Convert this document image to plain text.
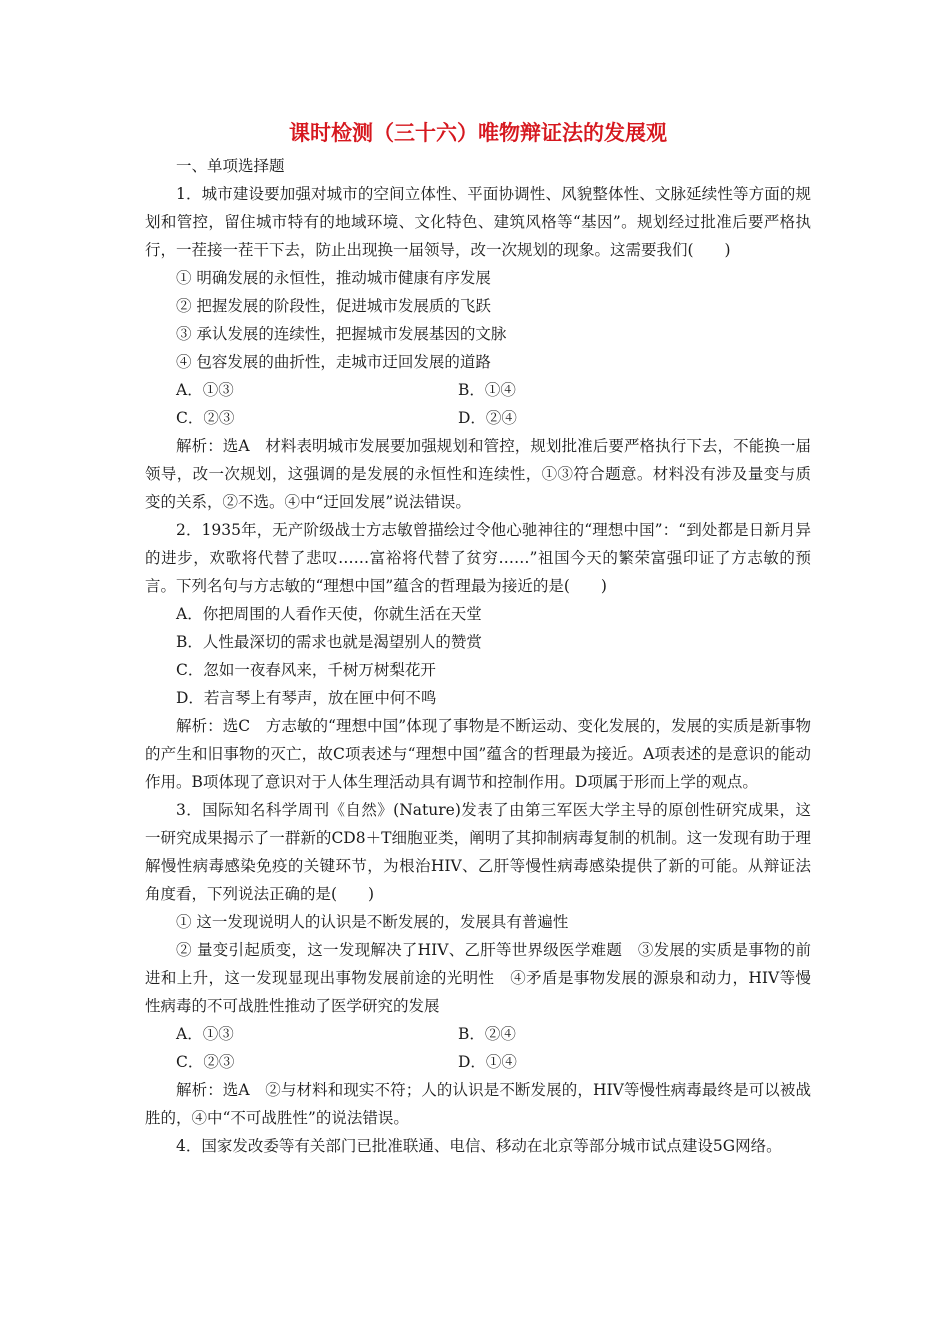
课时检测（三十六）唯物辩证法的发展观
一、单项选择题
1．城市建设要加强对城市的空间立体性、平面协调性、风貌整体性、文脉延续性等方面的规划和管控，留住城市特有的地域环境、文化特色、建筑风格等“基因”。规划经过批准后要严格执行，一茬接一茬干下去，防止出现换一届领导，改一次规划的现象。这需要我们(　　)
① 明确发展的永恒性，推动城市健康有序发展
② 把握发展的阶段性，促进城市发展质的飞跃
③ 承认发展的连续性，把握城市发展基因的文脉
④ 包容发展的曲折性，走城市迂回发展的道路
A．①③	B．①④
C．②③	D．②④
解析：选A　材料表明城市发展要加强规划和管控，规划批准后要严格执行下去，不能换一届领导，改一次规划，这强调的是发展的永恒性和连续性，①③符合题意。材料没有涉及量变与质变的关系，②不选。④中“迂回发展”说法错误。
2．1935年，无产阶级战士方志敏曾描绘过令他心驰神往的“理想中国”：“到处都是日新月异的进步，欢歌将代替了悲叹……富裕将代替了贫穷……”祖国今天的繁荣富强印证了方志敏的预言。下列名句与方志敏的“理想中国”蕴含的哲理最为接近的是(　　)
A．你把周围的人看作天使，你就生活在天堂
B．人性最深切的需求也就是渴望别人的赞赏
C．忽如一夜春风来，千树万树梨花开
D．若言琴上有琴声，放在匣中何不鸣
解析：选C　方志敏的“理想中国”体现了事物是不断运动、变化发展的，发展的实质是新事物的产生和旧事物的灭亡，故C项表述与“理想中国”蕴含的哲理最为接近。A项表述的是意识的能动作用。B项体现了意识对于人体生理活动具有调节和控制作用。D项属于形而上学的观点。
3．国际知名科学周刊《自然》(Nature)发表了由第三军医大学主导的原创性研究成果，这一研究成果揭示了一群新的CD8＋T细胞亚类，阐明了其抑制病毒复制的机制。这一发现有助于理解慢性病毒感染免疫的关键环节，为根治HIV、乙肝等慢性病毒感染提供了新的可能。从辩证法角度看，下列说法正确的是(　　)
① 这一发现说明人的认识是不断发展的，发展具有普遍性
② 量变引起质变，这一发现解决了HIV、乙肝等世界级医学难题　③发展的实质是事物的前进和上升，这一发现显现出事物发展前途的光明性　④矛盾是事物发展的源泉和动力，HIV等慢性病毒的不可战胜性推动了医学研究的发展
A．①③	B．②④
C．②③	D．①④
解析：选A　②与材料和现实不符；人的认识是不断发展的，HIV等慢性病毒最终是可以被战胜的，④中“不可战胜性”的说法错误。
4．国家发改委等有关部门已批准联通、电信、移动在北京等部分城市试点建设5G网络。
